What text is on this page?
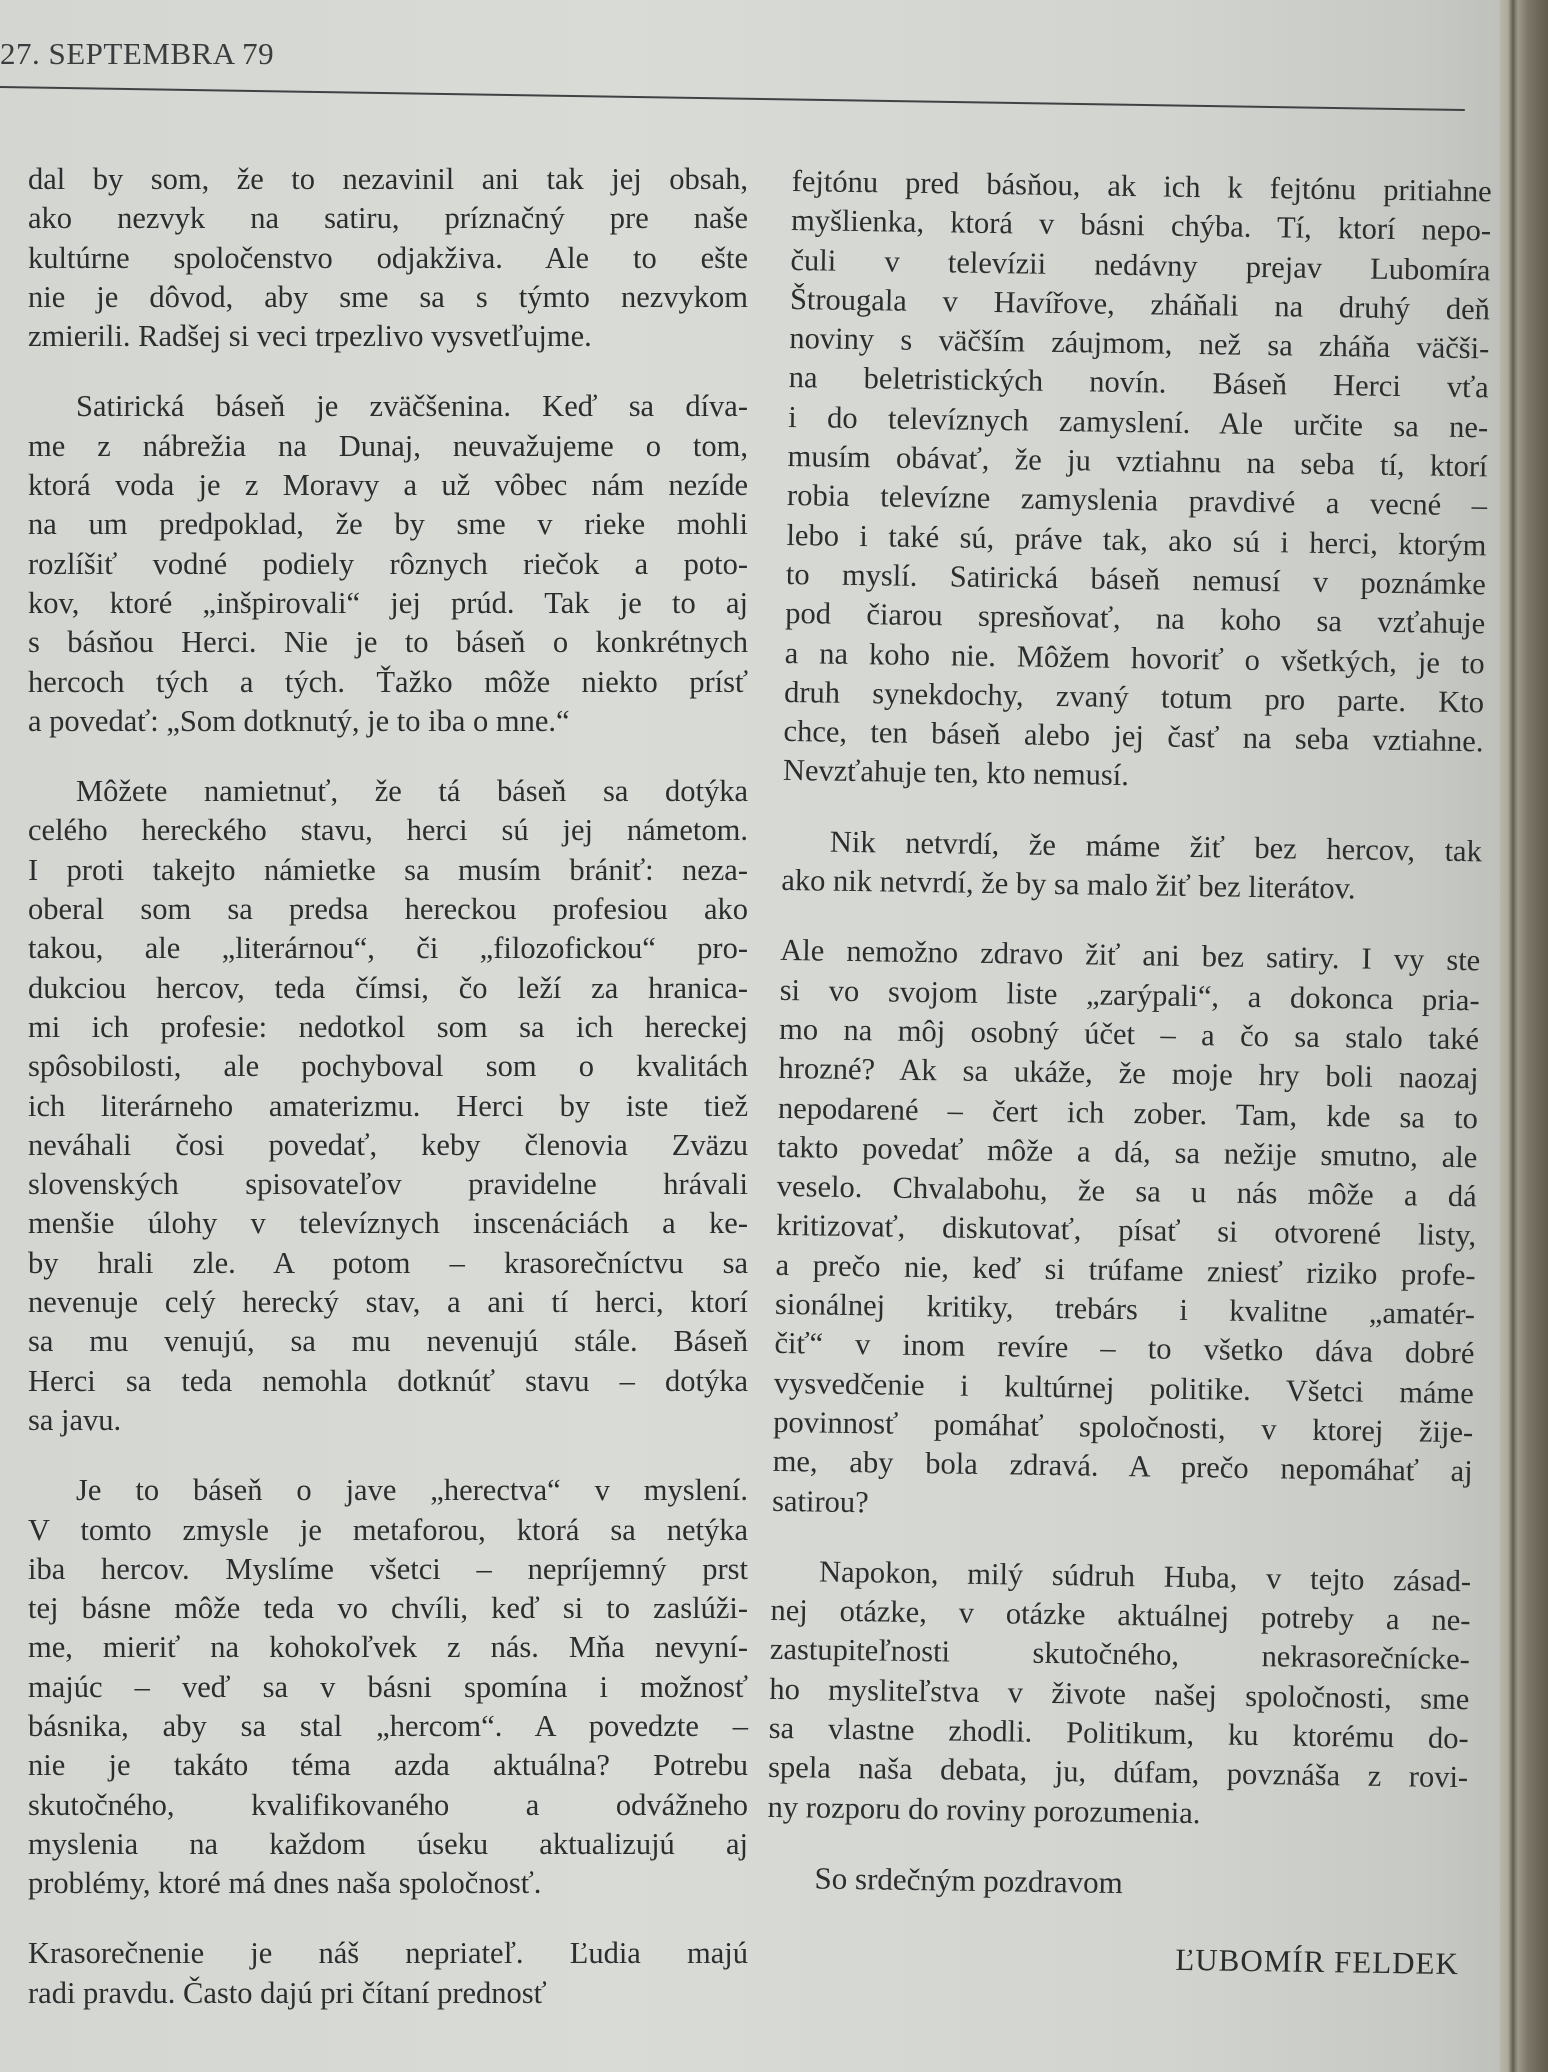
27. SEPTEMBRA 79
dal by som, že to nezavinil ani tak jej obsah,
ako nezvyk na satiru, príznačný pre naše
kultúrne spoločenstvo odjakživa. Ale to ešte
nie je dôvod, aby sme sa s týmto nezvykom
zmierili. Radšej si veci trpezlivo vysvetľujme.
Satirická báseň je zväčšenina. Keď sa díva-
me z nábrežia na Dunaj, neuvažujeme o tom,
ktorá voda je z Moravy a už vôbec nám nezíde
na um predpoklad, že by sme v rieke mohli
rozlíšiť vodné podiely rôznych riečok a poto-
kov, ktoré „inšpirovali“ jej prúd. Tak je to aj
s básňou Herci. Nie je to báseň o konkrétnych
hercoch tých a tých. Ťažko môže niekto prísť
a povedať: „Som dotknutý, je to iba o mne.“
Môžete namietnuť, že tá báseň sa dotýka
celého hereckého stavu, herci sú jej námetom.
I proti takejto námietke sa musím brániť: neza-
oberal som sa predsa hereckou profesiou ako
takou, ale „literárnou“, či „filozofickou“ pro-
dukciou hercov, teda čímsi, čo leží za hranica-
mi ich profesie: nedotkol som sa ich hereckej
spôsobilosti, ale pochyboval som o kvalitách
ich literárneho amaterizmu. Herci by iste tiež
neváhali čosi povedať, keby členovia Zväzu
slovenských spisovateľov pravidelne hrávali
menšie úlohy v televíznych inscenáciách a ke-
by hrali zle. A potom – krasorečníctvu sa
nevenuje celý herecký stav, a ani tí herci, ktorí
sa mu venujú, sa mu nevenujú stále. Báseň
Herci sa teda nemohla dotknúť stavu – dotýka
sa javu.
Je to báseň o jave „herectva“ v myslení.
V tomto zmysle je metaforou, ktorá sa netýka
iba hercov. Myslíme všetci – nepríjemný prst
tej básne môže teda vo chvíli, keď si to zaslúži-
me, mieriť na kohokoľvek z nás. Mňa nevyní-
majúc – veď sa v básni spomína i možnosť
básnika, aby sa stal „hercom“. A povedzte –
nie je takáto téma azda aktuálna? Potrebu
skutočného, kvalifikovaného a odvážneho
myslenia na každom úseku aktualizujú aj
problémy, ktoré má dnes naša spoločnosť.
Krasorečnenie je náš nepriateľ. Ľudia majú
radi pravdu. Často dajú pri čítaní prednosť
fejtónu pred básňou, ak ich k fejtónu pritiahne
myšlienka, ktorá v básni chýba. Tí, ktorí nepo-
čuli v televízii nedávny prejav Lubomíra
Štrougala v Havířove, zháňali na druhý deň
noviny s väčším záujmom, než sa zháňa väčši-
na beletristických novín. Báseň Herci vťa
i do televíznych zamyslení. Ale určite sa ne-
musím obávať, že ju vztiahnu na seba tí, ktorí
robia televízne zamyslenia pravdivé a vecné –
lebo i také sú, práve tak, ako sú i herci, ktorým
to myslí. Satirická báseň nemusí v poznámke
pod čiarou spresňovať, na koho sa vzťahuje
a na koho nie. Môžem hovoriť o všetkých, je to
druh synekdochy, zvaný totum pro parte. Kto
chce, ten báseň alebo jej časť na seba vztiahne.
Nevzťahuje ten, kto nemusí.
Nik netvrdí, že máme žiť bez hercov, tak
ako nik netvrdí, že by sa malo žiť bez literátov.
Ale nemožno zdravo žiť ani bez satiry. I vy ste
si vo svojom liste „zarýpali“, a dokonca pria-
mo na môj osobný účet – a čo sa stalo také
hrozné? Ak sa ukáže, že moje hry boli naozaj
nepodarené – čert ich zober. Tam, kde sa to
takto povedať môže a dá, sa nežije smutno, ale
veselo. Chvalabohu, že sa u nás môže a dá
kritizovať, diskutovať, písať si otvorené listy,
a prečo nie, keď si trúfame zniesť riziko profe-
sionálnej kritiky, trebárs i kvalitne „amatér-
čiť“ v inom revíre – to všetko dáva dobré
vysvedčenie i kultúrnej politike. Všetci máme
povinnosť pomáhať spoločnosti, v ktorej žije-
me, aby bola zdravá. A prečo nepomáhať aj
satirou?
Napokon, milý súdruh Huba, v tejto zásad-
nej otázke, v otázke aktuálnej potreby a ne-
zastupiteľnosti skutočného, nekrasorečnícke-
ho mysliteľstva v živote našej spoločnosti, sme
sa vlastne zhodli. Politikum, ku ktorému do-
spela naša debata, ju, dúfam, povznáša z rovi-
ny rozporu do roviny porozumenia.
So srdečným pozdravom
ĽUBOMÍR FELDEK
